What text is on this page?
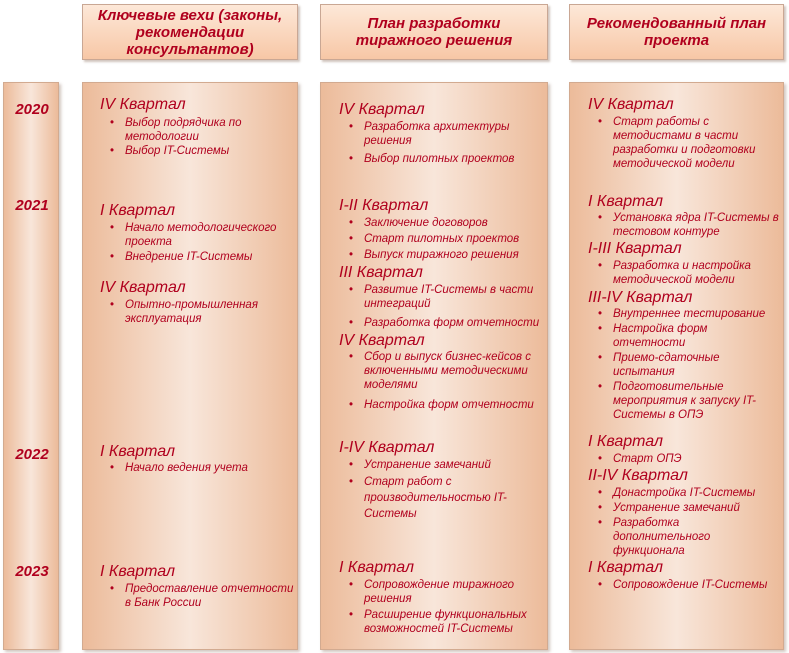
Ключевые вехи (законы, рекомендации консультантов)
План разработки тиражного решения
Рекомендованный план проекта
2020
2021
2022
2023
IV Квартал
• Выбор подрядчика по методологии
• Выбор IT-Системы
I Квартал
• Начало методологического проекта
• Внедрение IT-Системы
IV Квартал
• Опытно-промышленная эксплуатация
I Квартал
• Начало ведения учета
I Квартал
• Предоставление отчетности в Банк России
IV Квартал
• Разработка архитектуры решения
• Выбор пилотных проектов
I-II Квартал
• Заключение договоров
• Старт пилотных проектов
• Выпуск тиражного решения
III Квартал
• Развитие IT-Системы в части интеграций
• Разработка форм отчетности
IV Квартал
• Сбор и выпуск бизнес-кейсов с включенными методическими моделями
• Настройка форм отчетности
I-IV Квартал
• Устранение замечаний
• Старт работ с производительностью IT-Системы
I Квартал
• Сопровождение тиражного решения
• Расширение функциональных возможностей IT-Системы
IV Квартал
• Старт работы с методистами в части разработки и подготовки методической модели
I Квартал
• Установка ядра IT-Системы в тестовом контуре
I-III Квартал
• Разработка и настройка методической модели
III-IV Квартал
• Внутреннее тестирование
• Настройка форм отчетности
• Приемо-сдаточные испытания
• Подготовительные мероприятия к запуску IT-Системы в ОПЭ
I Квартал
• Старт ОПЭ
II-IV Квартал
• Донастройка IT-Системы
• Устранение замечаний
• Разработка дополнительного функционала
I Квартал
• Сопровождение IT-Системы
